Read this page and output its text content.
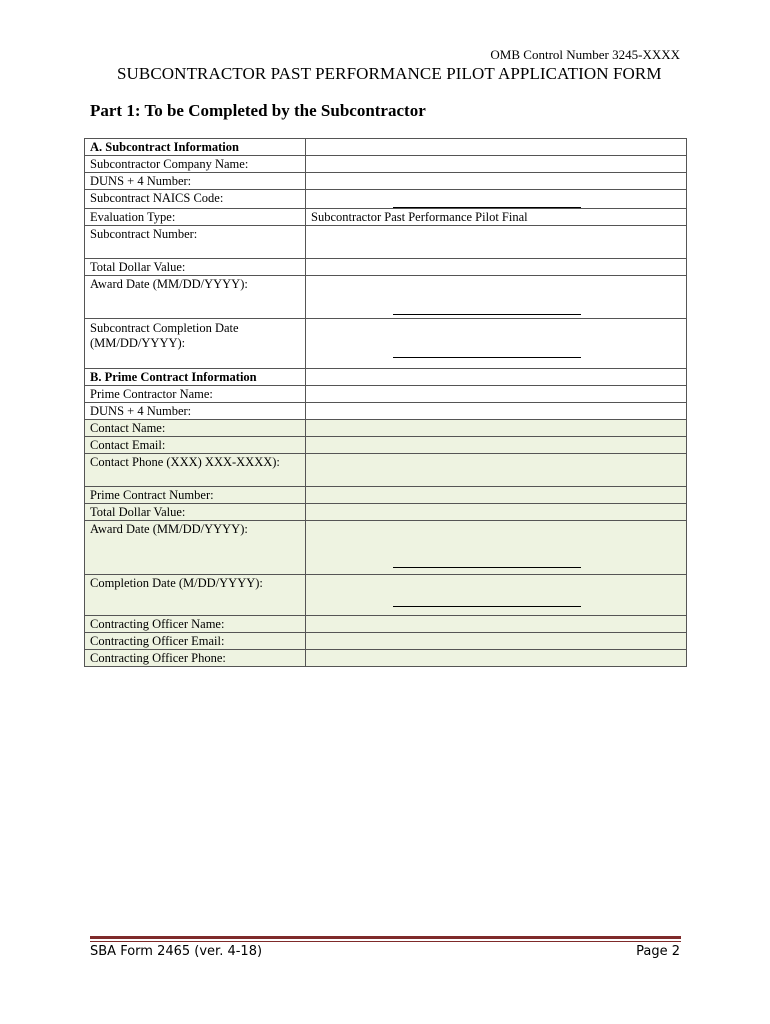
OMB Control Number 3245-XXXX
SUBCONTRACTOR PAST PERFORMANCE PILOT APPLICATION FORM
Part 1: To be Completed by the Subcontractor
A. Subcontract Information	
Subcontractor Company Name:	
DUNS + 4 Number:	
Subcontract NAICS Code:	

Evaluation Type:	Subcontractor Past Performance Pilot Final

Subcontract Number:	
Total Dollar Value:	
Award Date (MM/DD/YYYY):	

Subcontract Completion Date (MM/DD/YYYY):	

B. Prime Contract Information	
Prime Contractor Name:	
DUNS + 4 Number:	
Contact Name:	
Contact Email:	
Contact Phone (XXX) XXX-XXXX):	
Prime Contract Number:	
Total Dollar Value:	
Award Date (MM/DD/YYYY):	

Completion Date (M/DD/YYYY):	

Contracting Officer Name:	
Contracting Officer Email:	
Contracting Officer Phone:	
SBA Form 2465 (ver. 4-18)	Page 2
